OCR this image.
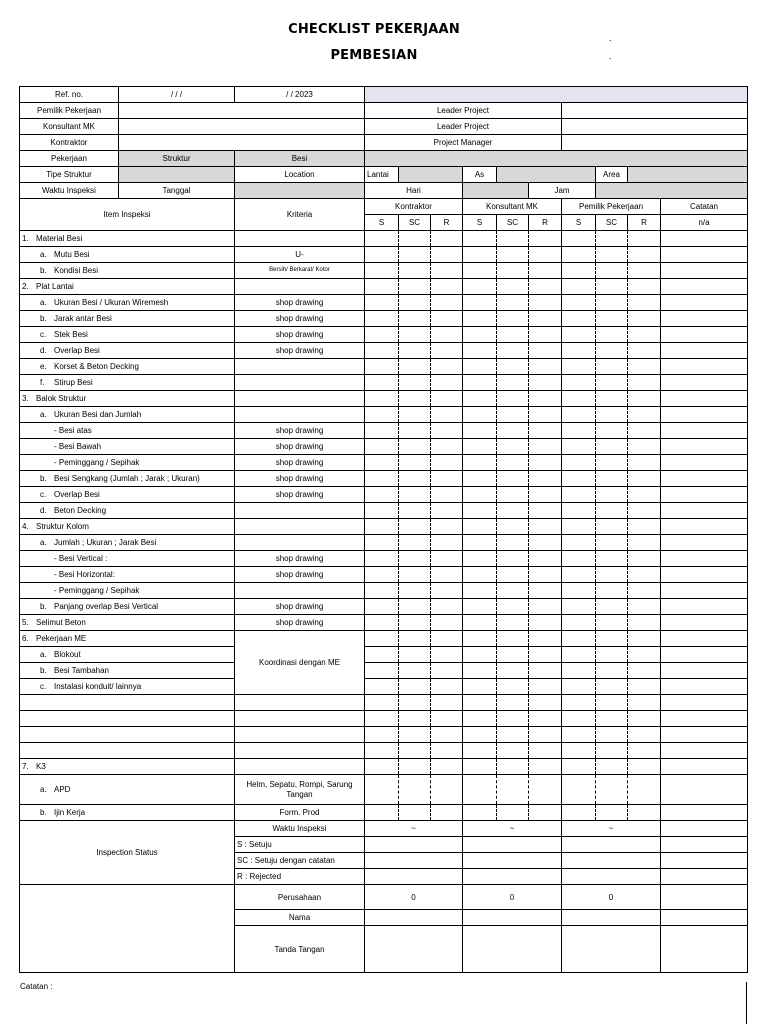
CHECKLIST PEKERJAAN
PEMBESIAN
.
.
Ref. no.	/ / /	/ / 2023										
Pemilik Pekerjaan			Leader Project									
Konsultant MK			Leader Project									
Kontraktor			Project Manager									
Pekerjaan	Struktur	Besi										
Tipe Struktur		Location	Lantai			As				Area		
Waktu Inspeksi	Tanggal		Hari					Jam				
Item Inspeksi		Kriteria	Kontraktor			Konsultant MK			Pemilik Pekerjaan			Catatan
			S	SC	R	S	SC	R	S	SC	R	n/a
1. Material Besi												
a. Mutu Besi		U-										
b. Kondisi Besi		Bersih/ Berkarat/ Kotor										
2. Plat Lantai												
a. Ukuran Besi / Ukuran Wiremesh		shop drawing										
b. Jarak antar Besi		shop drawing										
c. Stek Besi		shop drawing										
d. Overlap Besi		shop drawing										
e. Korset & Beton Decking												
f. Stirup Besi												
3. Balok Struktur												
a. Ukuran Besi dan Jumlah												
- Besi atas		shop drawing										
- Besi Bawah		shop drawing										
- Peminggang / Sepihak		shop drawing										
b. Besi Sengkang (Jumlah ; Jarak ; Ukuran)		shop drawing										
c. Overlap Besi		shop drawing										
d. Beton Decking												
4. Struktur Kolom												
a. Jumlah ; Ukuran ; Jarak Besi												
- Besi Vertical :		shop drawing										
- Besi Horizontal:		shop drawing										
- Peminggang / Sepihak												
b. Panjang overlap Besi Vertical		shop drawing										
5. Selimut Beton		shop drawing										
6. Pekerjaan ME		Koordinasi dengan ME										
a. Blokout												
b. Besi Tambahan												
c. Instalasi konduit/ lainnya												

7. K3												
a. APD		Helm, Sepatu, Rompi, Sarung Tangan										
b. Ijin Kerja		Form. Prod										
Inspection Status		Waktu Inspeksi	~			~			~			
		S : Setuju										
		SC : Setuju dengan catatan										
		R : Rejected										
		Perusahaan	0			0			0			
		Nama										
		Tanda Tangan										
Catatan :
